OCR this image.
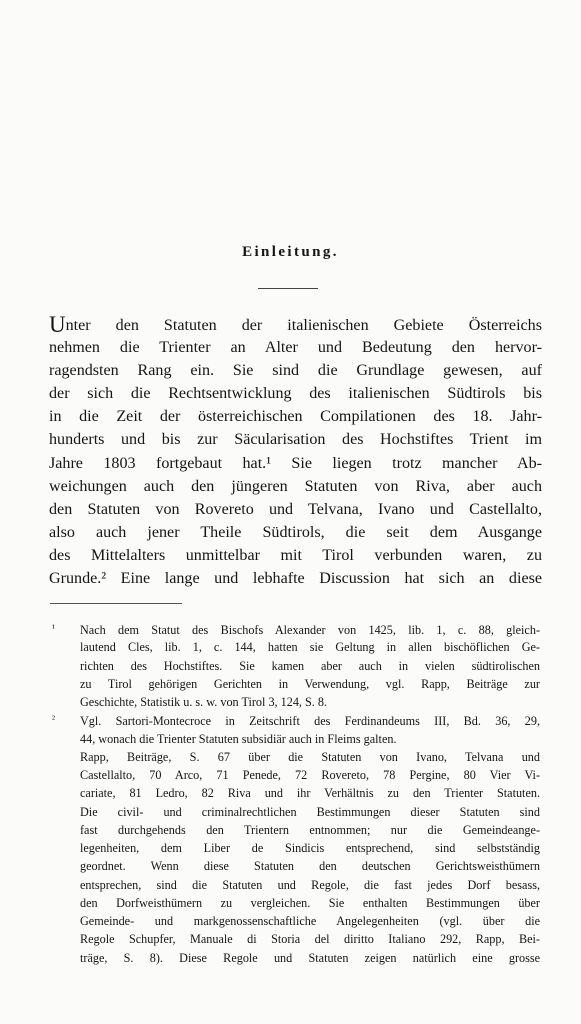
Einleitung.
Unter den Statuten der italienischen Gebiete Österreichs
nehmen die Trienter an Alter und Bedeutung den hervor-
ragendsten Rang ein. Sie sind die Grundlage gewesen, auf
der sich die Rechtsentwicklung des italienischen Südtirols bis
in die Zeit der österreichischen Compilationen des 18. Jahr-
hunderts und bis zur Säcularisation des Hochstiftes Trient im
Jahre 1803 fortgebaut hat.¹ Sie liegen trotz mancher Ab-
weichungen auch den jüngeren Statuten von Riva, aber auch
den Statuten von Rovereto und Telvana, Ivano und Castellalto,
also auch jener Theile Südtirols, die seit dem Ausgange
des Mittelalters unmittelbar mit Tirol verbunden waren, zu
Grunde.² Eine lange und lebhafte Discussion hat sich an diese
¹ Nach dem Statut des Bischofs Alexander von 1425, lib. 1, c. 88, gleich-
lautend Cles, lib. 1, c. 144, hatten sie Geltung in allen bischöflichen Ge-
richten des Hochstiftes. Sie kamen aber auch in vielen südtirolischen
zu Tirol gehörigen Gerichten in Verwendung, vgl. Rapp, Beiträge zur
Geschichte, Statistik u. s. w. von Tirol 3, 124, S. 8.
² Vgl. Sartori-Montecroce in Zeitschrift des Ferdinandeums III, Bd. 36, 29,
44, wonach die Trienter Statuten subsidiär auch in Fleims galten.
Rapp, Beiträge, S. 67 über die Statuten von Ivano, Telvana und
Castellalto, 70 Arco, 71 Penede, 72 Rovereto, 78 Pergine, 80 Vier Vi-
cariate, 81 Ledro, 82 Riva und ihr Verhältnis zu den Trienter Statuten.
Die civil- und criminalrechtlichen Bestimmungen dieser Statuten sind
fast durchgehends den Trientern entnommen; nur die Gemeindeange-
legenheiten, dem Liber de Sindicis entsprechend, sind selbstständig
geordnet. Wenn diese Statuten den deutschen Gerichtsweisthümern
entsprechen, sind die Statuten und Regole, die fast jedes Dorf besass,
den Dorfweisthümern zu vergleichen. Sie enthalten Bestimmungen über
Gemeinde- und markgenossenschaftliche Angelegenheiten (vgl. über die
Regole Schupfer, Manuale di Storia del diritto Italiano 292, Rapp, Bei-
träge, S. 8). Diese Regole und Statuten zeigen natürlich eine grosse
